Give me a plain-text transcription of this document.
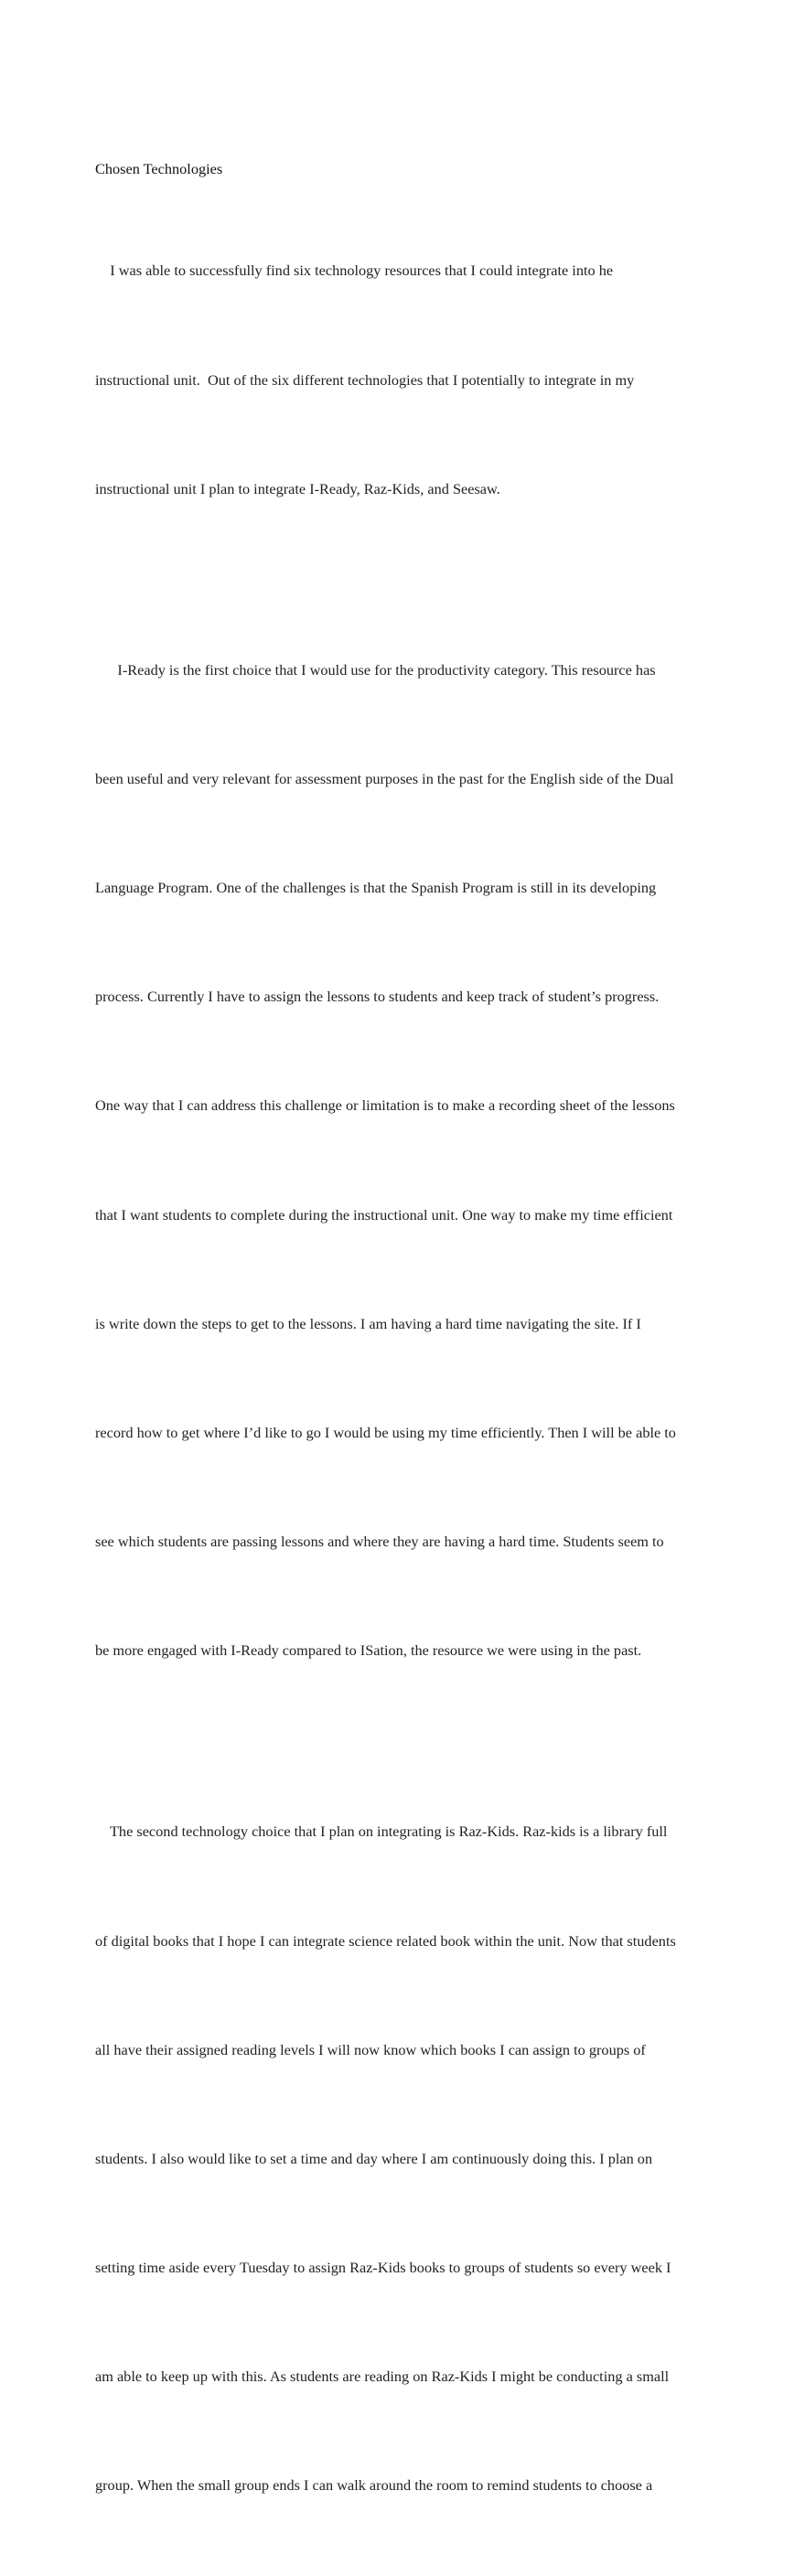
Chosen Technologies

I was able to successfully find six technology resources that I could integrate into he

instructional unit.  Out of the six different technologies that I potentially to integrate in my

instructional unit I plan to integrate I-Ready, Raz-Kids, and Seesaw.

I-Ready is the first choice that I would use for the productivity category. This resource has

been useful and very relevant for assessment purposes in the past for the English side of the Dual

Language Program. One of the challenges is that the Spanish Program is still in its developing

process. Currently I have to assign the lessons to students and keep track of student’s progress.

One way that I can address this challenge or limitation is to make a recording sheet of the lessons

that I want students to complete during the instructional unit. One way to make my time efficient

is write down the steps to get to the lessons. I am having a hard time navigating the site. If I

record how to get where I’d like to go I would be using my time efficiently. Then I will be able to

see which students are passing lessons and where they are having a hard time. Students seem to

be more engaged with I-Ready compared to ISation, the resource we were using in the past.

The second technology choice that I plan on integrating is Raz-Kids. Raz-kids is a library full

of digital books that I hope I can integrate science related book within the unit. Now that students

all have their assigned reading levels I will now know which books I can assign to groups of

students. I also would like to set a time and day where I am continuously doing this. I plan on

setting time aside every Tuesday to assign Raz-Kids books to groups of students so every week I

am able to keep up with this. As students are reading on Raz-Kids I might be conducting a small

group. When the small group ends I can walk around the room to remind students to choose a
